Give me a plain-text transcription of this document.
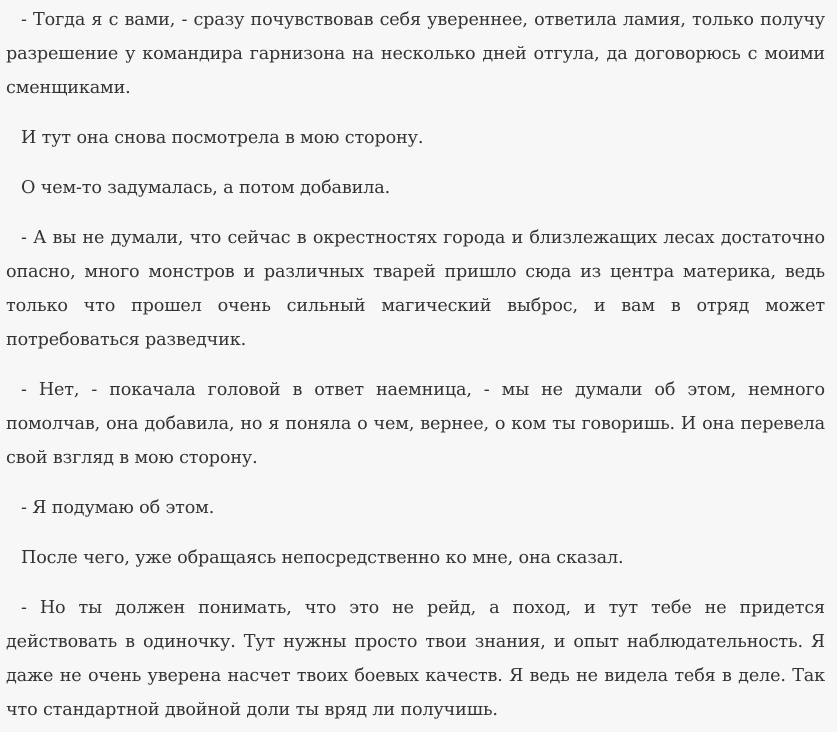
- Тогда я с вами, - сразу почувствовав себя увереннее, ответила ламия, только получу разрешение у командира гарнизона на несколько дней отгула, да договорюсь с моими сменщиками.

И тут она снова посмотрела в мою сторону.

О чем-то задумалась, а потом добавила.

- А вы не думали, что сейчас в окрестностях города и близлежащих лесах достаточно опасно, много монстров и различных тварей пришло сюда из центра материка, ведь только что прошел очень сильный магический выброс, и вам в отряд может потребоваться разведчик.

- Нет, - покачала головой в ответ наемница, - мы не думали об этом, немного помолчав, она добавила, но я поняла о чем, вернее, о ком ты говоришь. И она перевела свой взгляд в мою сторону.

- Я подумаю об этом.

После чего, уже обращаясь непосредственно ко мне, она сказал.

- Но ты должен понимать, что это не рейд, а поход, и тут тебе не придется действовать в одиночку. Тут нужны просто твои знания, и опыт наблюдательность. Я даже не очень уверена насчет твоих боевых качеств. Я ведь не видела тебя в деле. Так что стандартной двойной доли ты вряд ли получишь.
